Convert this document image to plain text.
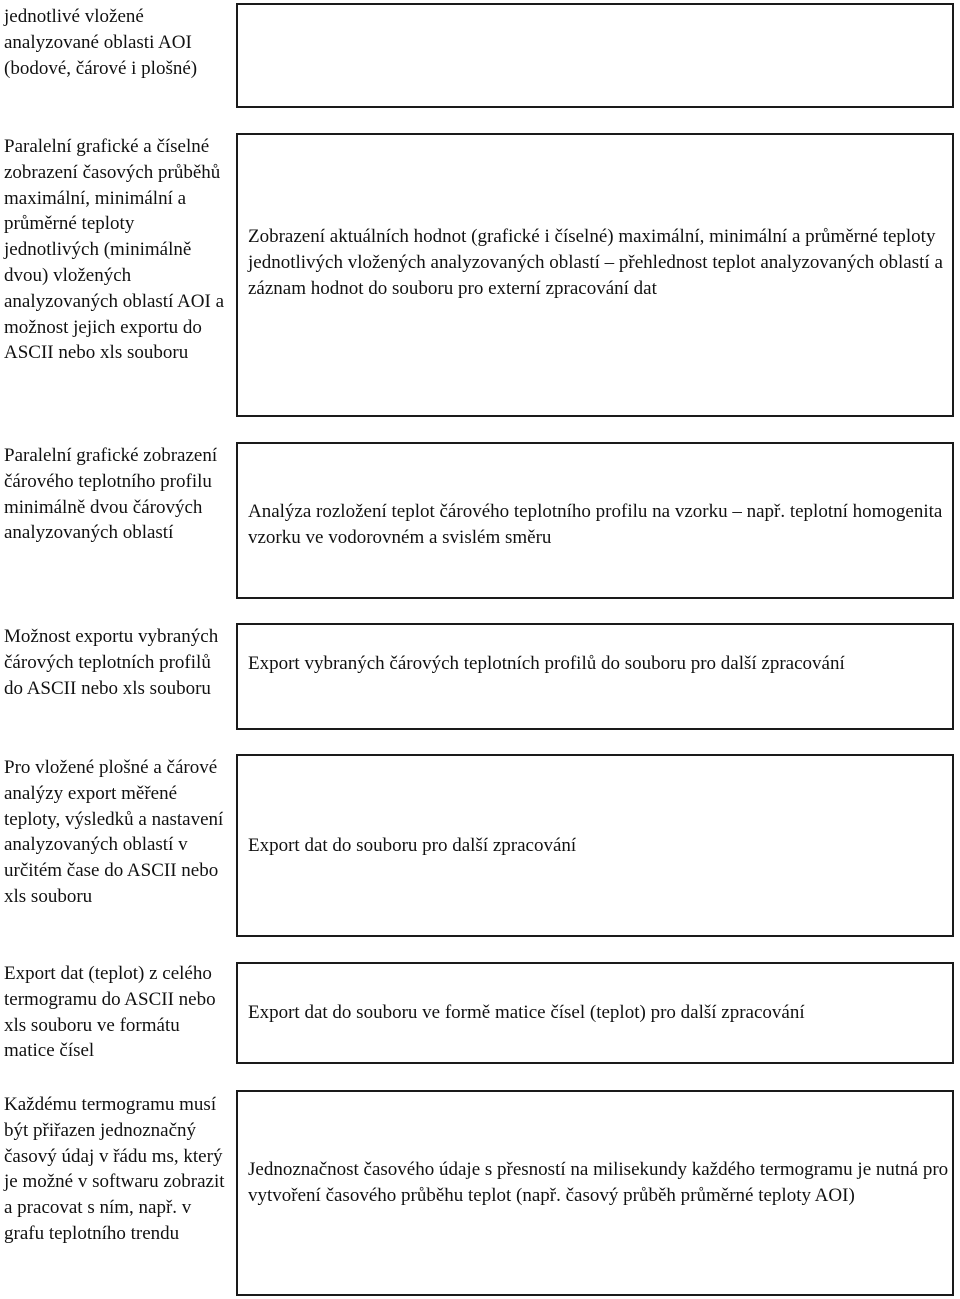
jednotlivé vložené analyzované oblasti AOI (bodové, čárové i plošné)
Paralelní grafické a číselné zobrazení časových průběhů maximální, minimální a průměrné teploty jednotlivých (minimálně dvou) vložených analyzovaných oblastí AOI a možnost jejich exportu do ASCII nebo xls souboru
Zobrazení aktuálních hodnot (grafické i číselné) maximální, minimální a průměrné teploty jednotlivých vložených analyzovaných oblastí – přehlednost teplot analyzovaných oblastí a záznam hodnot do souboru pro externí zpracování dat
Paralelní grafické zobrazení čárového teplotního profilu minimálně dvou čárových analyzovaných oblastí
Analýza rozložení teplot čárového teplotního profilu na vzorku – např. teplotní homogenita vzorku ve vodorovném a svislém směru
Možnost exportu vybraných čárových teplotních profilů do ASCII nebo xls souboru
Export vybraných čárových teplotních profilů do souboru pro další zpracování
Pro vložené plošné a čárové analýzy export měřené teploty, výsledků a nastavení analyzovaných oblastí v určitém čase do ASCII nebo xls souboru
Export dat do souboru pro další zpracování
Export dat (teplot) z celého termogramu do ASCII nebo xls souboru ve formátu matice čísel
Export dat do souboru ve formě matice čísel (teplot) pro další zpracování
Každému termogramu musí být přiřazen jednoznačný časový údaj v řádu ms, který je možné v softwaru zobrazit a pracovat s ním, např. v grafu teplotního trendu
Jednoznačnost časového údaje s přesností na milisekundy každého termogramu je nutná pro vytvoření časového průběhu teplot (např. časový průběh průměrné teploty AOI)
